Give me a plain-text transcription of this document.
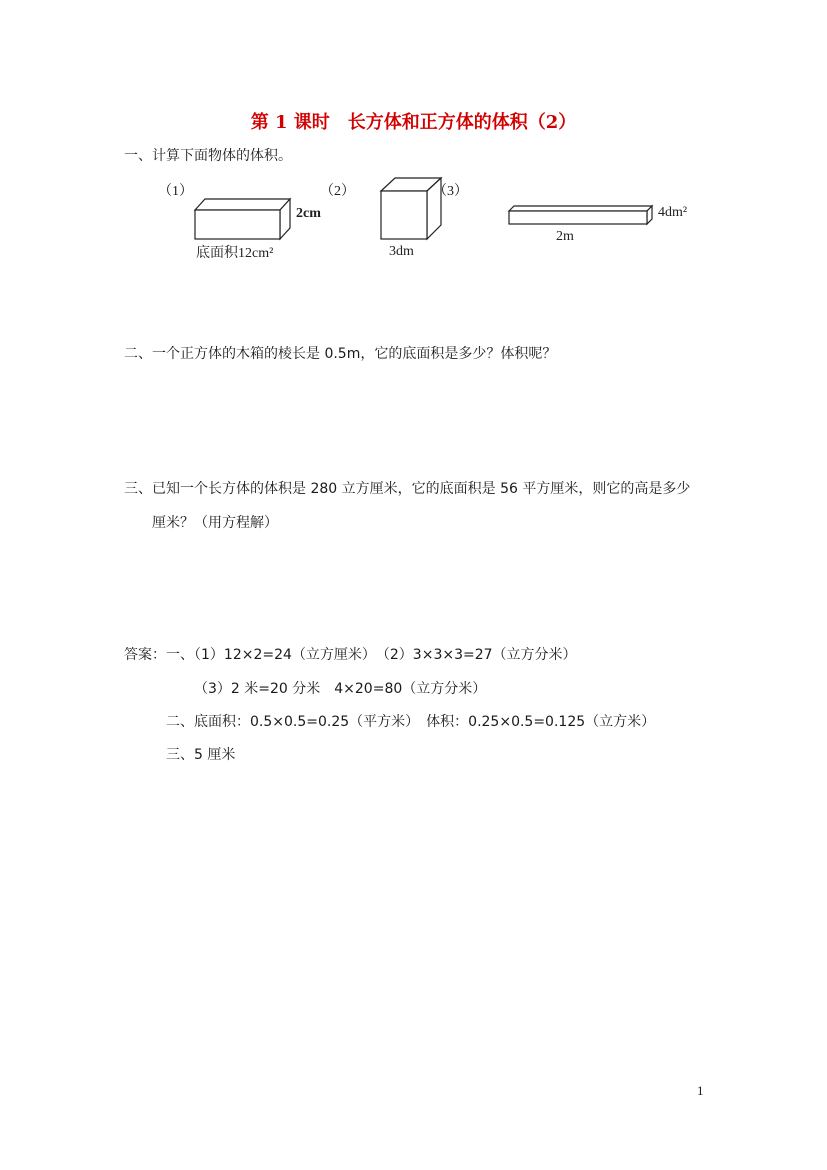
第 1 课时　长方体和正方体的体积（2）
一、计算下面物体的体积。
（1）
2cm
底面积12cm²
（2）
3dm
（3）
4dm²
2m
二、一个正方体的木箱的棱长是 0.5m，它的底面积是多少？体积呢？
三、已知一个长方体的体积是 280 立方厘米，它的底面积是 56 平方厘米，则它的高是多少
厘米？（用方程解）
答案：一、（1）12×2=24（立方厘米）　（2）3×3×3=27（立方分米）
（3）2 米=20 分米　4×20=80（立方分米）
二、底面积：0.5×0.5=0.25（平方米）　体积：0.25×0.5=0.125（立方米）
三、5 厘米
1
